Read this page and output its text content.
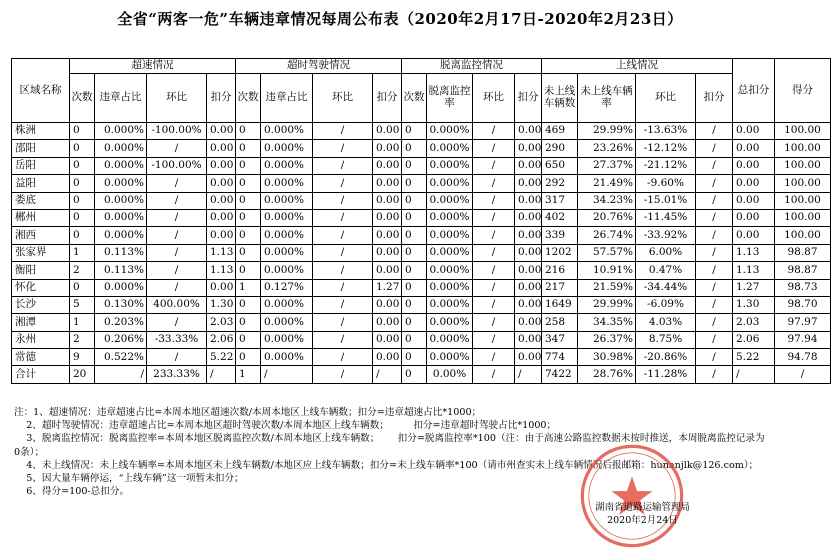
全省“两客一危”车辆违章情况每周公布表（2020年2月17日-2020年2月23日）
区域名称	超速情况				超时驾驶情况				脱离监控情况				上线情况				总扣分	得分
	次数	违章占比	环比	扣分	次数	违章占比	环比	扣分	次数	脱离监控率	环比	扣分	未上线车辆数	未上线车辆率	环比	扣分		
株洲	0	0.000%	-100.00%	0.00	0	0.000%	/	0.00	0	0.000%	/	0.00	469	29.99%	-13.63%	/	0.00	100.00
邵阳	0	0.000%	/	0.00	0	0.000%	/	0.00	0	0.000%	/	0.00	290	23.26%	-12.12%	/	0.00	100.00
岳阳	0	0.000%	-100.00%	0.00	0	0.000%	/	0.00	0	0.000%	/	0.00	650	27.37%	-21.12%	/	0.00	100.00
益阳	0	0.000%	/	0.00	0	0.000%	/	0.00	0	0.000%	/	0.00	292	21.49%	-9.60%	/	0.00	100.00
娄底	0	0.000%	/	0.00	0	0.000%	/	0.00	0	0.000%	/	0.00	317	34.23%	-15.01%	/	0.00	100.00
郴州	0	0.000%	/	0.00	0	0.000%	/	0.00	0	0.000%	/	0.00	402	20.76%	-11.45%	/	0.00	100.00
湘西	0	0.000%	/	0.00	0	0.000%	/	0.00	0	0.000%	/	0.00	339	26.74%	-33.92%	/	0.00	100.00
张家界	1	0.113%	/	1.13	0	0.000%	/	0.00	0	0.000%	/	0.00	1202	57.57%	6.00%	/	1.13	98.87
衡阳	2	0.113%	/	1.13	0	0.000%	/	0.00	0	0.000%	/	0.00	216	10.91%	0.47%	/	1.13	98.87
怀化	0	0.000%	/	0.00	1	0.127%	/	1.27	0	0.000%	/	0.00	217	21.59%	-34.44%	/	1.27	98.73
长沙	5	0.130%	400.00%	1.30	0	0.000%	/	0.00	0	0.000%	/	0.00	1649	29.99%	-6.09%	/	1.30	98.70
湘潭	1	0.203%	/	2.03	0	0.000%	/	0.00	0	0.000%	/	0.00	258	34.35%	4.03%	/	2.03	97.97
永州	2	0.206%	-33.33%	2.06	0	0.000%	/	0.00	0	0.000%	/	0.00	347	26.37%	8.75%	/	2.06	97.94
常德	9	0.522%	/	5.22	0	0.000%	/	0.00	0	0.000%	/	0.00	774	30.98%	-20.86%	/	5.22	94.78
合计	20	/	233.33%	/	1	/	/	/	0	0.00%	/	/	7422	28.76%	-11.28%	/	/	/
注：1、超速情况：违章超速占比=本周本地区超速次数/本周本地区上线车辆数；扣分=违章超速占比*1000；
2、超时驾驶情况：违章超速占比=本周本地区超时驾驶次数/本周本地区上线车辆数；        扣分=违章超时驾驶占比*1000；
3、脱离监控情况：脱离监控率=本周本地区脱离监控次数/本周本地区上线车辆数；      扣分=脱离监控率*100（注：由于高速公路监控数据未按时推送，本周脱离监控记录为
0条）；
4、未上线情况：未上线车辆率=本周本地区未上线车辆数/本地区应上线车辆数；扣分=未上线车辆率*100（请市州查实未上线车辆情况后报邮箱：hunanjlk@126.com）；
5、因大量车辆停运，“上线车辆”这一项暂未扣分；
6、得分=100-总扣分。
湖南省道路运输管理局
2020年2月24日
